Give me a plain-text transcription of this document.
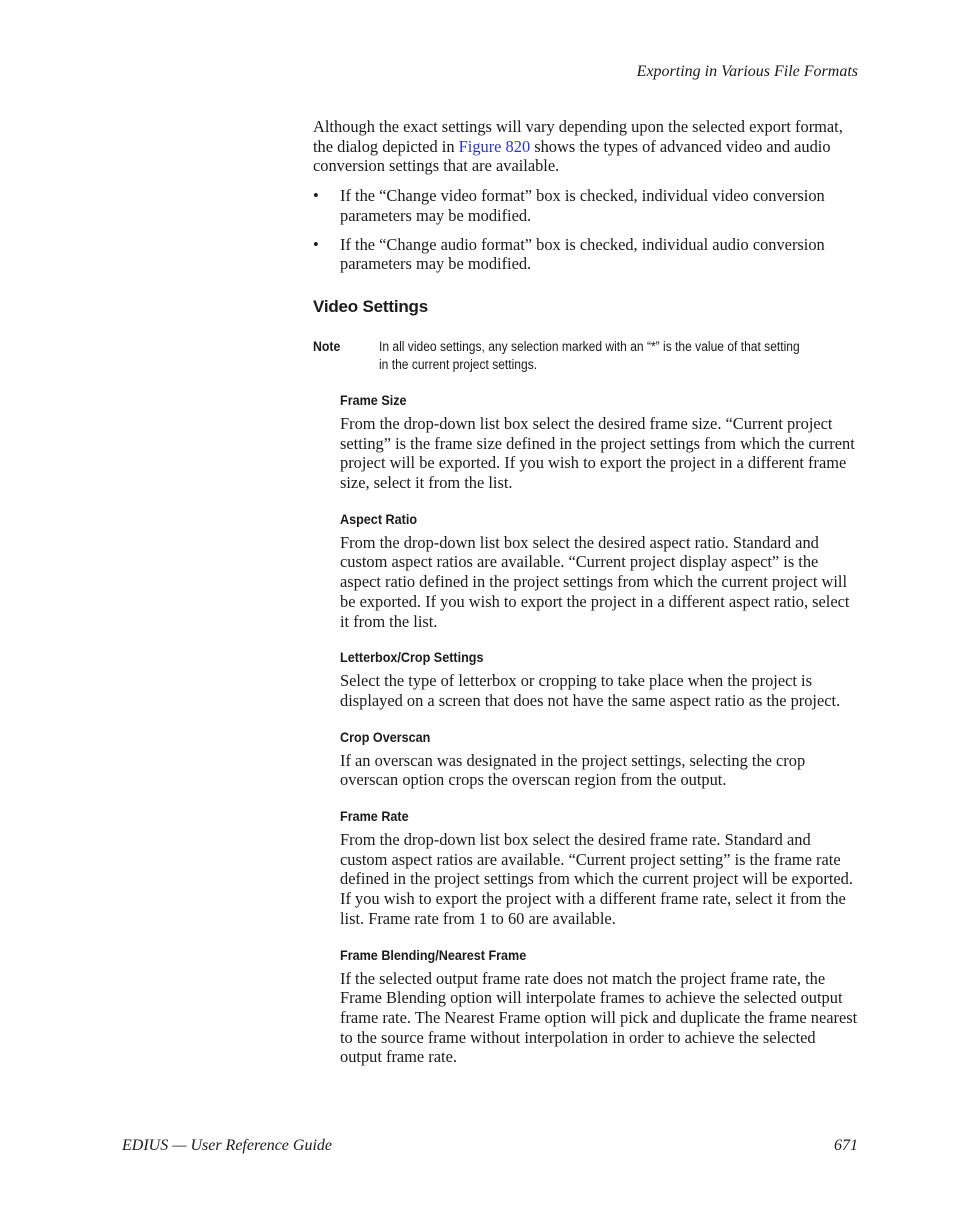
Exporting in Various File Formats

Although the exact settings will vary depending upon the selected export format, the dialog depicted in Figure 820 shows the types of advanced video and audio conversion settings that are available.

• If the “Change video format” box is checked, individual video conversion parameters may be modified.
• If the “Change audio format” box is checked, individual audio conversion parameters may be modified.
Video Settings
Note	In all video settings, any selection marked with an “*” is the value of that setting in the current project settings.
Frame Size

From the drop-down list box select the desired frame size. “Current project setting” is the frame size defined in the project settings from which the current project will be exported. If you wish to export the project in a different frame size, select it from the list.

Aspect Ratio

From the drop-down list box select the desired aspect ratio. Standard and custom aspect ratios are available. “Current project display aspect” is the aspect ratio defined in the project settings from which the current project will be exported. If you wish to export the project in a different aspect ratio, select it from the list.

Letterbox/Crop Settings

Select the type of letterbox or cropping to take place when the project is displayed on a screen that does not have the same aspect ratio as the project.

Crop Overscan

If an overscan was designated in the project settings, selecting the crop overscan option crops the overscan region from the output.

Frame Rate

From the drop-down list box select the desired frame rate. Standard and custom aspect ratios are available. “Current project setting” is the frame rate defined in the project settings from which the current project will be exported. If you wish to export the project with a different frame rate, select it from the list. Frame rate from 1 to 60 are available.

Frame Blending/Nearest Frame

If the selected output frame rate does not match the project frame rate, the Frame Blending option will interpolate frames to achieve the selected output frame rate. The Nearest Frame option will pick and duplicate the frame nearest to the source frame without interpolation in order to achieve the selected output frame rate.

EDIUS — User Reference Guide	671
